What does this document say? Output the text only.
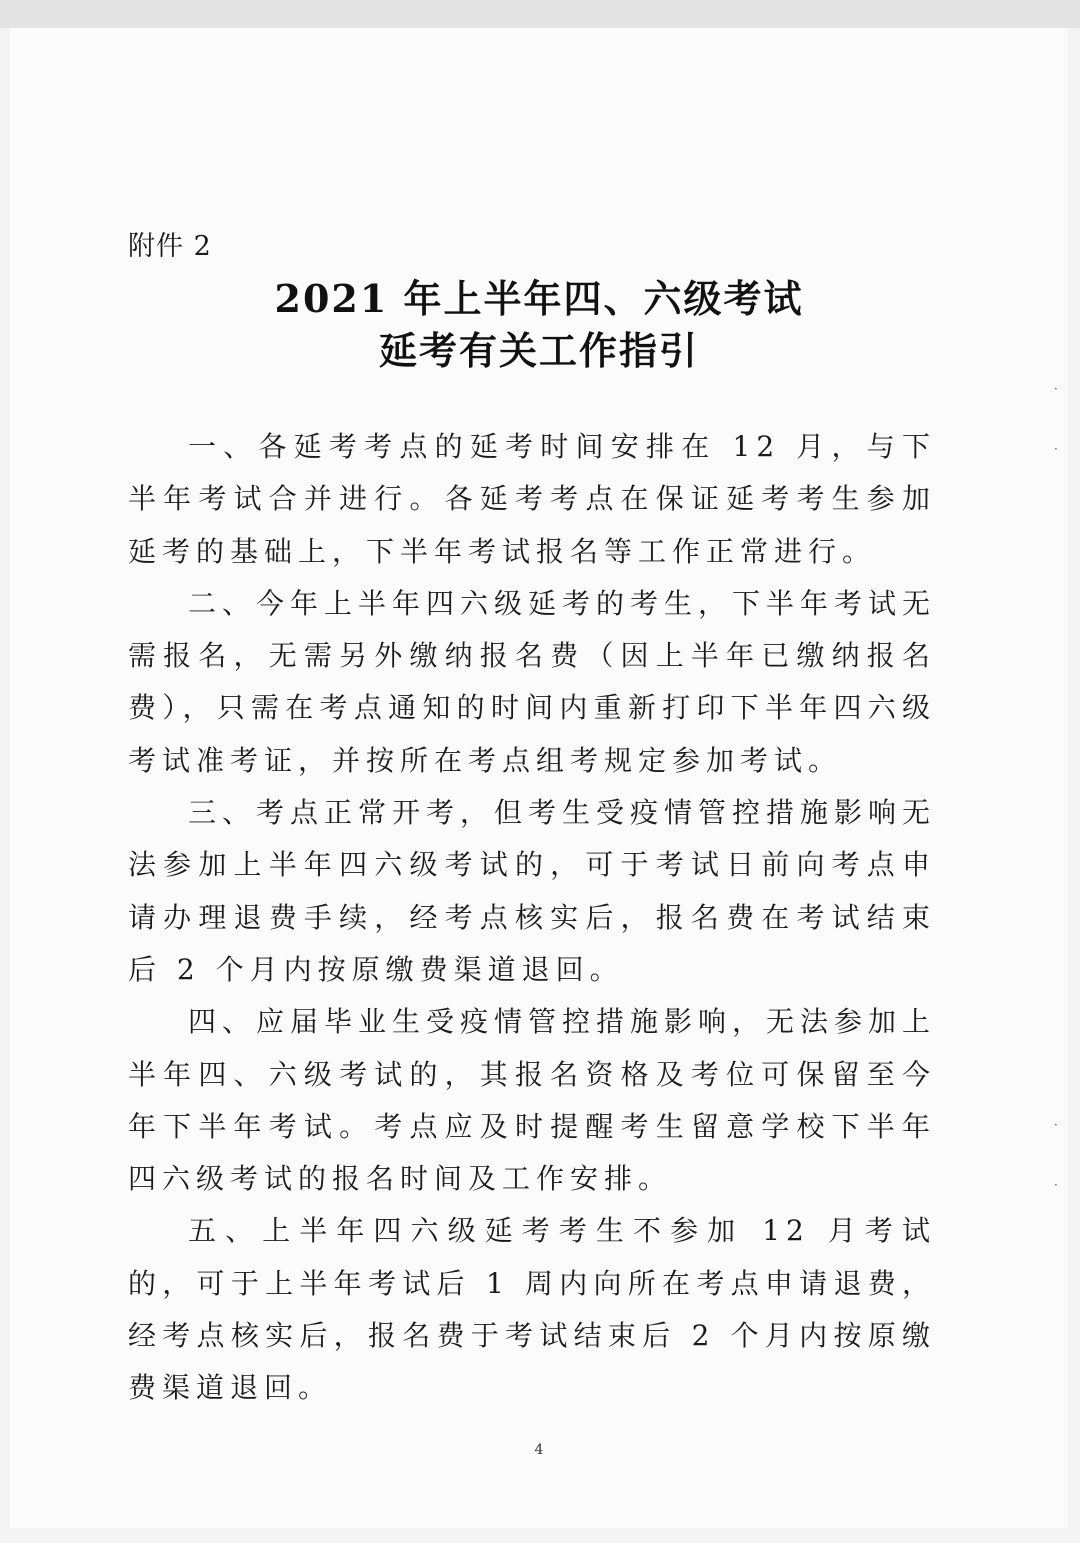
附件 2
2021 年上半年四、六级考试
延考有关工作指引

一、各延考考点的延考时间安排在 12 月，与下半年考试合并进行。各延考考点在保证延考考生参加延考的基础上，下半年考试报名等工作正常进行。

二、今年上半年四六级延考的考生，下半年考试无需报名，无需另外缴纳报名费（因上半年已缴纳报名费），只需在考点通知的时间内重新打印下半年四六级考试准考证，并按所在考点组考规定参加考试。

三、考点正常开考，但考生受疫情管控措施影响无法参加上半年四六级考试的，可于考试日前向考点申请办理退费手续，经考点核实后，报名费在考试结束后 2 个月内按原缴费渠道退回。

四、应届毕业生受疫情管控措施影响，无法参加上半年四、六级考试的，其报名资格及考位可保留至今年下半年考试。考点应及时提醒考生留意学校下半年四六级考试的报名时间及工作安排。

五、上半年四六级延考考生不参加 12 月考试的，可于上半年考试后 1 周内向所在考点申请退费，经考点核实后，报名费于考试结束后 2 个月内按原缴费渠道退回。

4
·
·
·
·
